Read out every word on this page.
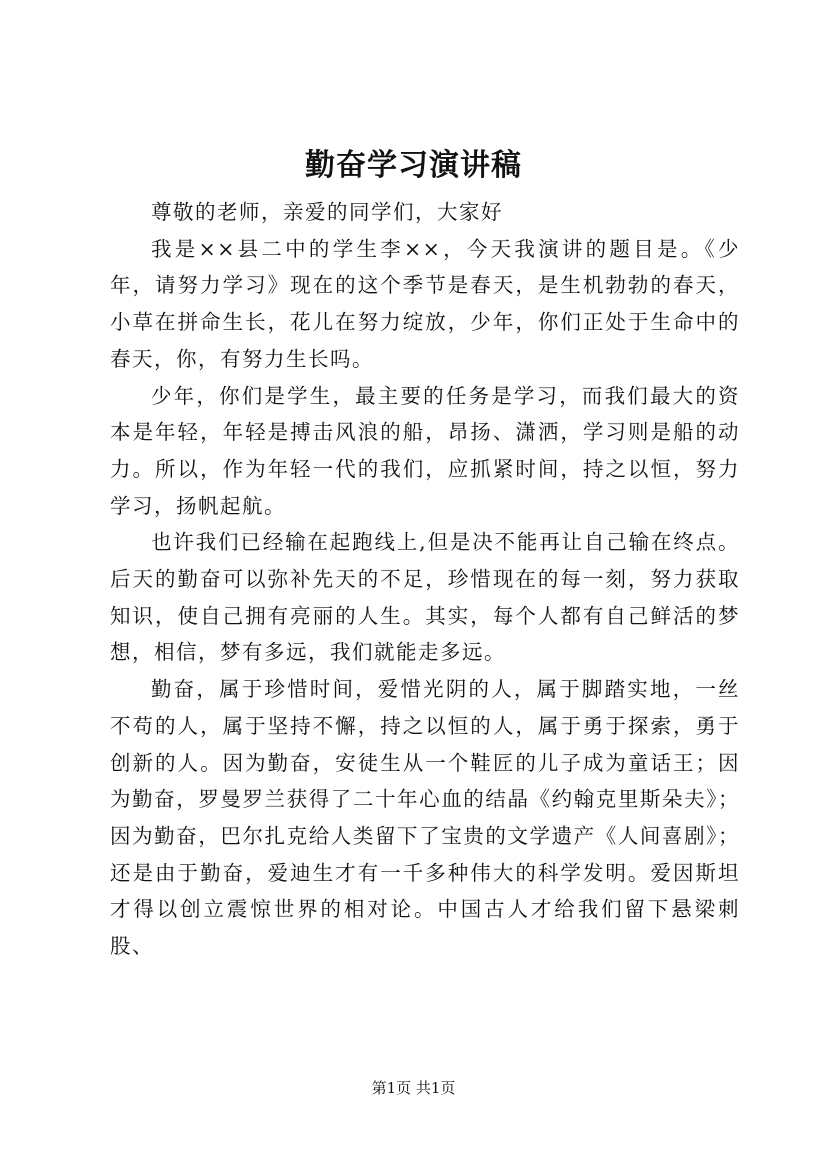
勤奋学习演讲稿

尊敬的老师，亲爱的同学们，大家好

我是××县二中的学生李××，今天我演讲的题目是。《少年，请努力学习》现在的这个季节是春天，是生机勃勃的春天，小草在拼命生长，花儿在努力绽放，少年，你们正处于生命中的春天，你，有努力生长吗。

少年，你们是学生，最主要的任务是学习，而我们最大的资本是年轻，年轻是搏击风浪的船，昂扬、潇洒，学习则是船的动力。所以，作为年轻一代的我们，应抓紧时间，持之以恒，努力学习，扬帆起航。

也许我们已经输在起跑线上,但是决不能再让自己输在终点。后天的勤奋可以弥补先天的不足，珍惜现在的每一刻，努力获取知识，使自己拥有亮丽的人生。其实，每个人都有自己鲜活的梦想，相信，梦有多远，我们就能走多远。

勤奋，属于珍惜时间，爱惜光阴的人，属于脚踏实地，一丝不苟的人，属于坚持不懈，持之以恒的人，属于勇于探索，勇于创新的人。因为勤奋，安徒生从一个鞋匠的儿子成为童话王；因为勤奋，罗曼罗兰获得了二十年心血的结晶《约翰克里斯朵夫》；因为勤奋，巴尔扎克给人类留下了宝贵的文学遗产《人间喜剧》；还是由于勤奋，爱迪生才有一千多种伟大的科学发明。爱因斯坦才得以创立震惊世界的相对论。中国古人才给我们留下悬梁刺股、

第1页 共1页
